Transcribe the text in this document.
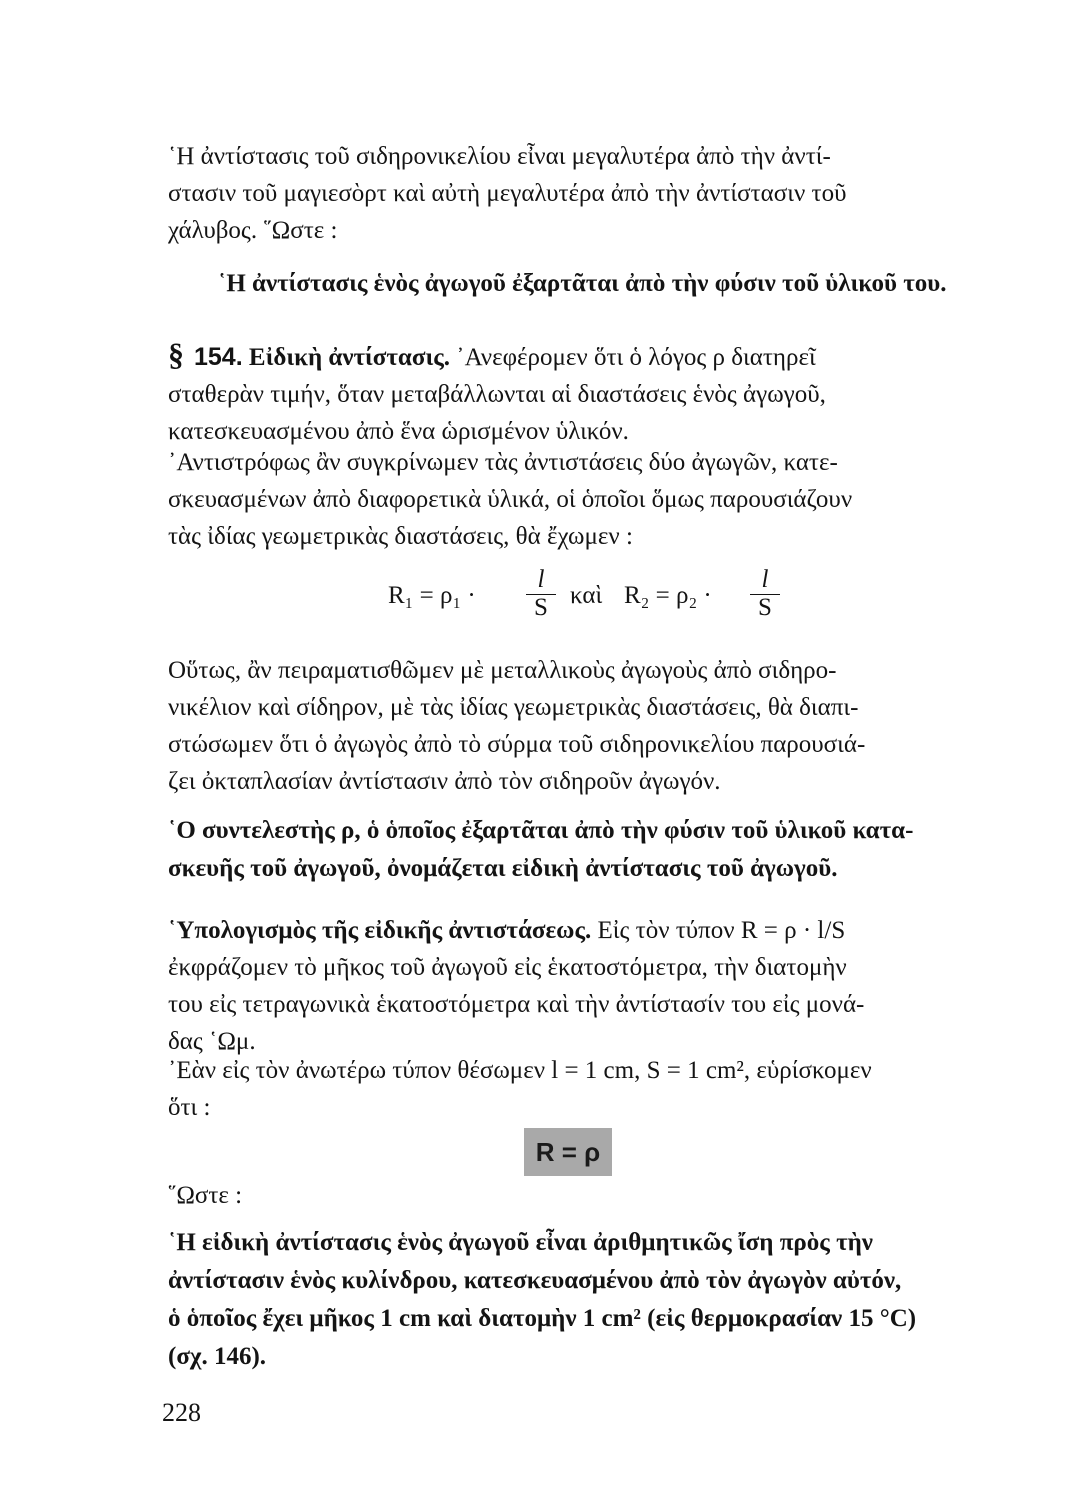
῾Η ἀντίστασις τοῦ σιδηρονικελίου εἶναι μεγαλυτέρα ἀπὸ τὴν ἀντί-
στασιν τοῦ μαγιεσὸρτ καὶ αὐτὴ μεγαλυτέρα ἀπὸ τὴν ἀντίστασιν τοῦ
χάλυβος. ῞Ωστε :
῾Η ἀντίστασις ἑνὸς ἀγωγοῦ ἐξαρτᾶται ἀπὸ τὴν φύσιν τοῦ ὑλικοῦ του.
§ 154. Εἰδικὴ ἀντίστασις. ᾿Ανεφέρομεν ὅτι ὁ λόγος ρ διατηρεῖ
σταθερὰν τιμήν, ὅταν μεταβάλλωνται αἱ διαστάσεις ἑνὸς ἀγωγοῦ,
κατεσκευασμένου ἀπὸ ἕνα ὡρισμένον ὑλικόν.
᾿Αντιστρόφως ἂν συγκρίνωμεν τὰς ἀντιστάσεις δύο ἀγωγῶν, κατε-
σκευασμένων ἀπὸ διαφορετικὰ ὑλικά, οἱ ὁποῖοι ὅμως παρουσιάζουν
τὰς ἰδίας γεωμετρικὰς διαστάσεις, θὰ ἔχωμεν :
R₁ = ρ₁ ·
l
S καὶ R₂ = ρ₂ ·
l
S
Οὕτως, ἂν πειραματισθῶμεν μὲ μεταλλικοὺς ἀγωγοὺς ἀπὸ σιδηρο-
νικέλιον καὶ σίδηρον, μὲ τὰς ἰδίας γεωμετρικὰς διαστάσεις, θὰ διαπι-
στώσωμεν ὅτι ὁ ἀγωγὸς ἀπὸ τὸ σύρμα τοῦ σιδηρονικελίου παρουσιά-
ζει ὀκταπλασίαν ἀντίστασιν ἀπὸ τὸν σιδηροῦν ἀγωγόν.
῾Ο συντελεστὴς ρ, ὁ ὁποῖος ἐξαρτᾶται ἀπὸ τὴν φύσιν τοῦ ὑλικοῦ κατα-
σκευῆς τοῦ ἀγωγοῦ, ὀνομάζεται εἰδικὴ ἀντίστασις τοῦ ἀγωγοῦ.
῾Υπολογισμὸς τῆς εἰδικῆς ἀντιστάσεως. Εἰς τὸν τύπον R = ρ · l/S
ἐκφράζομεν τὸ μῆκος τοῦ ἀγωγοῦ εἰς ἑκατοστόμετρα, τὴν διατομὴν
του εἰς τετραγωνικὰ ἑκατοστόμετρα καὶ τὴν ἀντίστασίν του εἰς μονά-
δας ῾Ωμ.
᾿Εὰν εἰς τὸν ἀνωτέρω τύπον θέσωμεν l = 1 cm, S = 1 cm², εὑρίσκομεν
ὅτι :
R = ρ
῞Ωστε :
῾Η εἰδικὴ ἀντίστασις ἑνὸς ἀγωγοῦ εἶναι ἀριθμητικῶς ἴση πρὸς τὴν
ἀντίστασιν ἑνὸς κυλίνδρου, κατεσκευασμένου ἀπὸ τὸν ἀγωγὸν αὐτόν,
ὁ ὁποῖος ἔχει μῆκος 1 cm καὶ διατομὴν 1 cm² (εἰς θερμοκρασίαν 15 °C)
(σχ. 146).
228
